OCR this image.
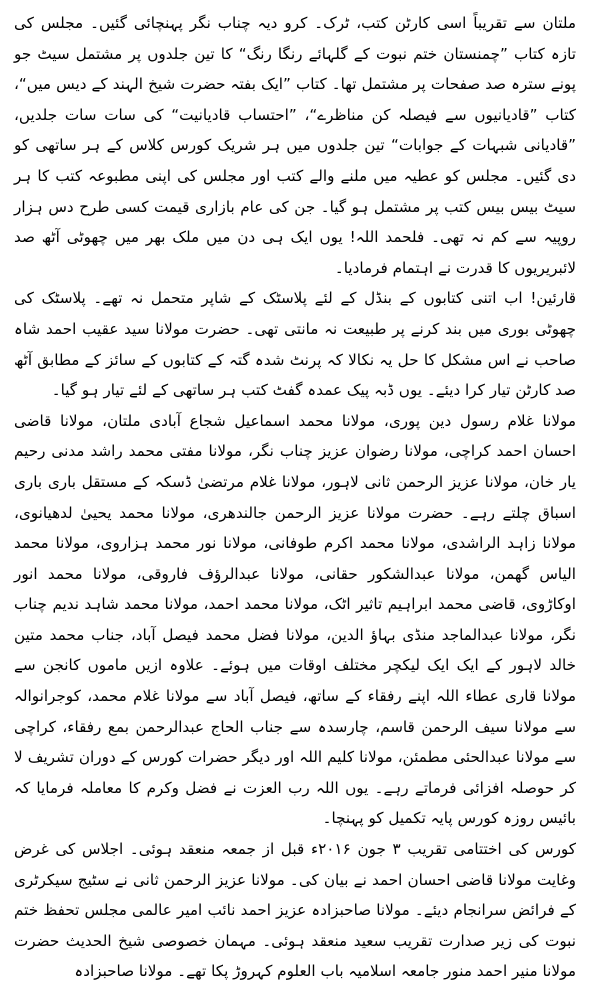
ملتان سے تقریباً اسی کارٹن کتب، ٹرک۔ کرو دیہ چناب نگر پہنچائی گئیں۔ مجلس کی تازہ کتاب ”چمنستان ختم نبوت کے گلہائے رنگا رنگ“ کا تین جلدوں پر مشتمل سیٹ جو پونے سترہ صد صفحات پر مشتمل تھا۔ کتاب ”ایک بفتہ حضرت شیخ الہند کے دیس میں“، کتاب ”قادیانیوں سے فیصلہ کن مناظرے“، ”احتساب قادیانیت“ کی سات سات جلدیں، ”قادیانی شبہات کے جوابات“ تین جلدوں میں ہر شریک کورس کلاس کے ہر ساتھی کو دی گئیں۔ مجلس کو عطیہ میں ملنے والے کتب اور مجلس کی اپنی مطبوعہ کتب کا ہر سیٹ بیس بیس کتب پر مشتمل ہو گیا۔ جن کی عام بازاری قیمت کسی طرح دس ہزار روپیہ سے کم نہ تھی۔ فلحمد اللہ! یوں ایک ہی دن میں ملک بھر میں چھوٹی آٹھ صد لائبریریوں کا قدرت نے اہتمام فرمادیا۔

قارئین! اب اتنی کتابوں کے بنڈل کے لئے پلاسٹک کے شاپر متحمل نہ تھے۔ پلاسٹک کی چھوٹی بوری میں بند کرنے پر طبیعت نہ مانتی تھی۔ حضرت مولانا سید عقیب احمد شاہ صاحب نے اس مشکل کا حل یہ نکالا کہ پرنٹ شدہ گتہ کے کتابوں کے سائز کے مطابق آٹھ صد کارٹن تیار کرا دیئے۔ یوں ڈبہ پیک عمدہ گفٹ کتب ہر ساتھی کے لئے تیار ہو گیا۔

مولانا غلام رسول دین پوری، مولانا محمد اسماعیل شجاع آبادی ملتان، مولانا قاضی احسان احمد کراچی، مولانا رضوان عزیز چناب نگر، مولانا مفتی محمد راشد مدنی رحیم یار خان، مولانا عزیز الرحمن ثانی لاہور، مولانا غلام مرتضیٰ ڈسکہ کے مستقل باری باری اسباق چلتے رہے۔ حضرت مولانا عزیز الرحمن جالندھری، مولانا محمد یحییٰ لدھیانوی، مولانا زاہد الراشدی، مولانا محمد اکرم طوفانی، مولانا نور محمد ہزاروی، مولانا محمد الیاس گھمن، مولانا عبدالشکور حقانی، مولانا عبدالرؤف فاروقی، مولانا محمد انور اوکاڑوی، قاضی محمد ابراہیم تاثیر اٹک، مولانا محمد احمد، مولانا محمد شاہد ندیم چناب نگر، مولانا عبدالماجد منڈی بہاؤ الدین، مولانا فضل محمد فیصل آباد، جناب محمد متین خالد لاہور کے ایک ایک لیکچر مختلف اوقات میں ہوئے۔ علاوہ ازیں ماموں کانجن سے مولانا قاری عطاء اللہ اپنے رفقاء کے ساتھ، فیصل آباد سے مولانا غلام محمد، کوجرانوالہ سے مولانا سیف الرحمن قاسم، چارسدہ سے جناب الحاج عبدالرحمن بمع رفقاء، کراچی سے مولانا عبدالحئی مطمئن، مولانا کلیم اللہ اور دیگر حضرات کورس کے دوران تشریف لا کر حوصلہ افزائی فرماتے رہے۔ یوں اللہ رب العزت نے فضل وکرم کا معاملہ فرمایا کہ بائیس روزہ کورس پایہ تکمیل کو پہنچا۔

کورس کی اختتامی تقریب ۳ جون ۲۰۱۶ء قبل از جمعہ منعقد ہوئی۔ اجلاس کی غرض وغایت مولانا قاضی احسان احمد نے بیان کی۔ مولانا عزیز الرحمن ثانی نے سٹیج سیکرٹری کے فرائض سرانجام دیئے۔ مولانا صاحبزادہ عزیز احمد نائب امیر عالمی مجلس تحفظ ختم نبوت کی زیر صدارت تقریب سعید منعقد ہوئی۔ مہمان خصوصی شیخ الحدیث حضرت مولانا منیر احمد منور جامعہ اسلامیہ باب العلوم کہروڑ پکا تھے۔ مولانا صاحبزادہ
